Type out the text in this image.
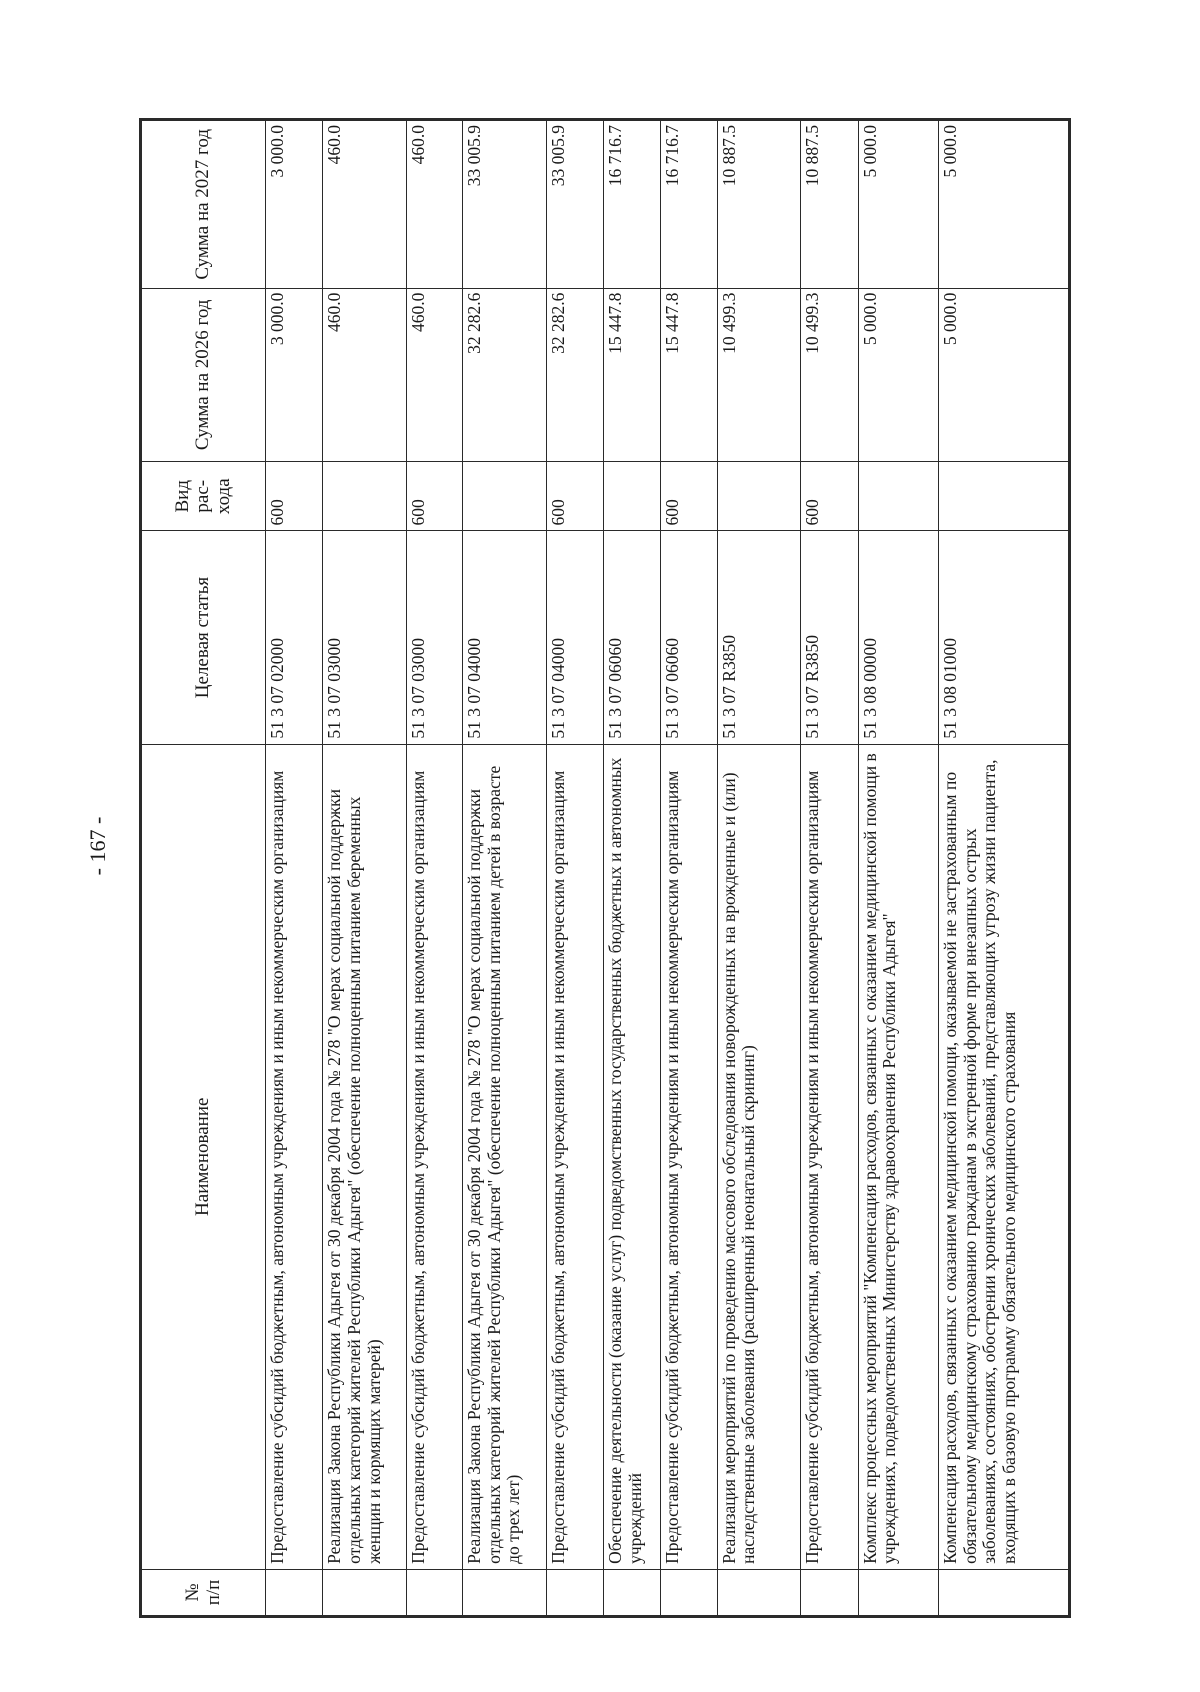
- 167 -
№ п/п	Наименование	Целевая статья	Вид рас-хода	Сумма на 2026 год	Сумма на 2027 год
	Предоставление субсидий бюджетным, автономным учреждениям и иным некоммерческим организациям	51 3 07 02000	600	3 000.0	3 000.0
	Реализация Закона Республики Адыгея от 30 декабря 2004 года № 278 "О мерах социальной поддержки отдельных категорий жителей Республики Адыгея" (обеспечение полноценным питанием беременных женщин и кормящих матерей)	51 3 07 03000		460.0	460.0
	Предоставление субсидий бюджетным, автономным учреждениям и иным некоммерческим организациям	51 3 07 03000	600	460.0	460.0
	Реализация Закона Республики Адыгея от 30 декабря 2004 года № 278 "О мерах социальной поддержки отдельных категорий жителей Республики Адыгея" (обеспечение полноценным питанием детей в возрасте до трех лет)	51 3 07 04000		32 282.6	33 005.9
	Предоставление субсидий бюджетным, автономным учреждениям и иным некоммерческим организациям	51 3 07 04000	600	32 282.6	33 005.9
	Обеспечение деятельности (оказание услуг) подведомственных государственных бюджетных и автономных учреждений	51 3 07 06060		15 447.8	16 716.7
	Предоставление субсидий бюджетным, автономным учреждениям и иным некоммерческим организациям	51 3 07 06060	600	15 447.8	16 716.7
	Реализация мероприятий по проведению массового обследования новорожденных на врожденные и (или) наследственные заболевания (расширенный неонатальный скрининг)	51 3 07 R3850		10 499.3	10 887.5
	Предоставление субсидий бюджетным, автономным учреждениям и иным некоммерческим организациям	51 3 07 R3850	600	10 499.3	10 887.5
	Комплекс процессных мероприятий "Компенсация расходов, связанных с оказанием медицинской помощи в учреждениях, подведомственных Министерству здравоохранения Республики Адыгея"	51 3 08 00000		5 000.0	5 000.0
	Компенсация расходов, связанных с оказанием медицинской помощи, оказываемой не застрахованным по обязательному медицинскому страхованию гражданам в экстренной форме при внезапных острых заболеваниях, состояниях, обострении хронических заболеваний, представляющих угрозу жизни пациента, входящих в базовую программу обязательного медицинского страхования	51 3 08 01000		5 000.0	5 000.0
